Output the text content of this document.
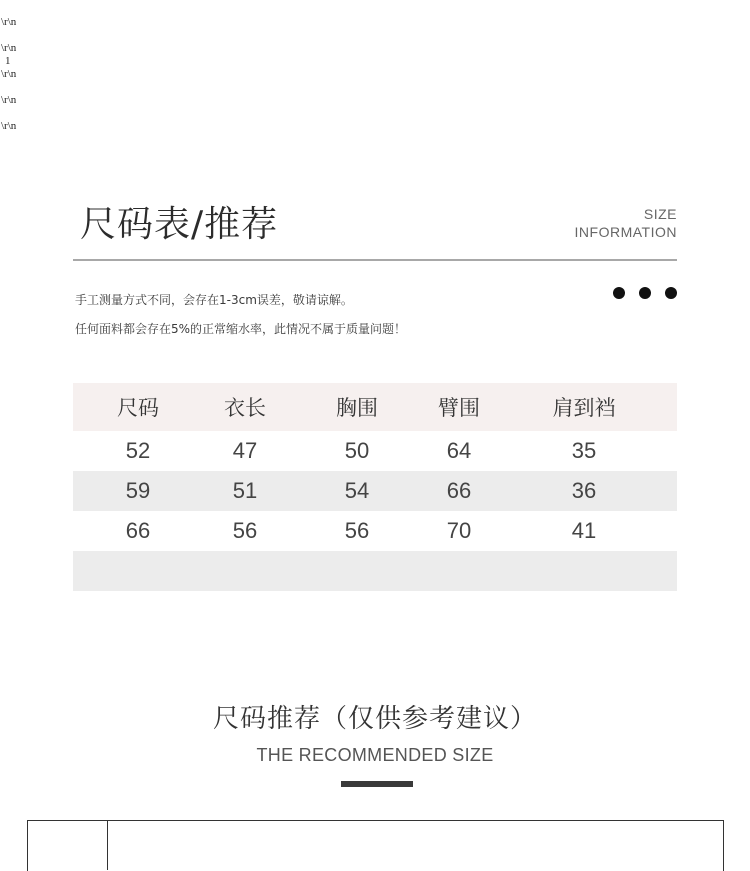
\r\n
\r\n
1
\r\n
\r\n
\r\n
尺码表/推荐	SIZE
INFORMATION
手工测量方式不同，会存在1-3cm误差，敬请谅解。
任何面料都会存在5%的正常缩水率，此情况不属于质量问题！
尺码	衣长	胸围	臂围	肩到裆
52	47	50	64	35
59	51	54	66	36
66	56	56	70	41
尺码推荐（仅供参考建议）
THE RECOMMENDED SIZE
